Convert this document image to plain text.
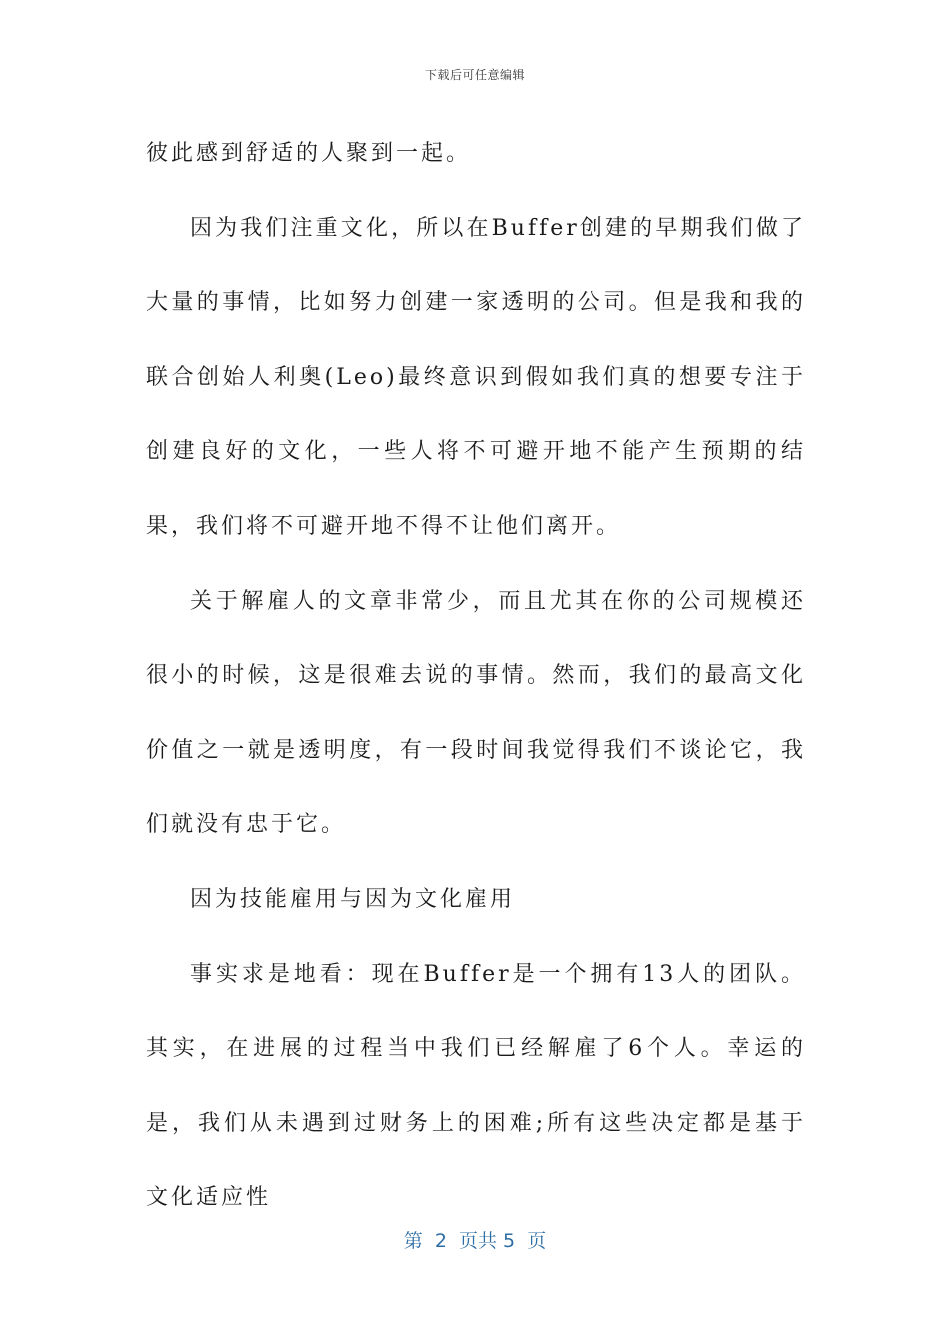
下载后可任意编辑

彼此感到舒适的人聚到一起。

因为我们注重文化，所以在Buffer创建的早期我们做了大量的事情，比如努力创建一家透明的公司。但是我和我的联合创始人利奥(Leo)最终意识到假如我们真的想要专注于创建良好的文化，一些人将不可避开地不能产生预期的结果，我们将不可避开地不得不让他们离开。

关于解雇人的文章非常少，而且尤其在你的公司规模还很小的时候，这是很难去说的事情。然而，我们的最高文化价值之一就是透明度，有一段时间我觉得我们不谈论它，我们就没有忠于它。

因为技能雇用与因为文化雇用

事实求是地看：现在Buffer是一个拥有13人的团队。其实，在进展的过程当中我们已经解雇了6个人。幸运的是，我们从未遇到过财务上的困难;所有这些决定都是基于文化适应性

第  2  页共 5  页
